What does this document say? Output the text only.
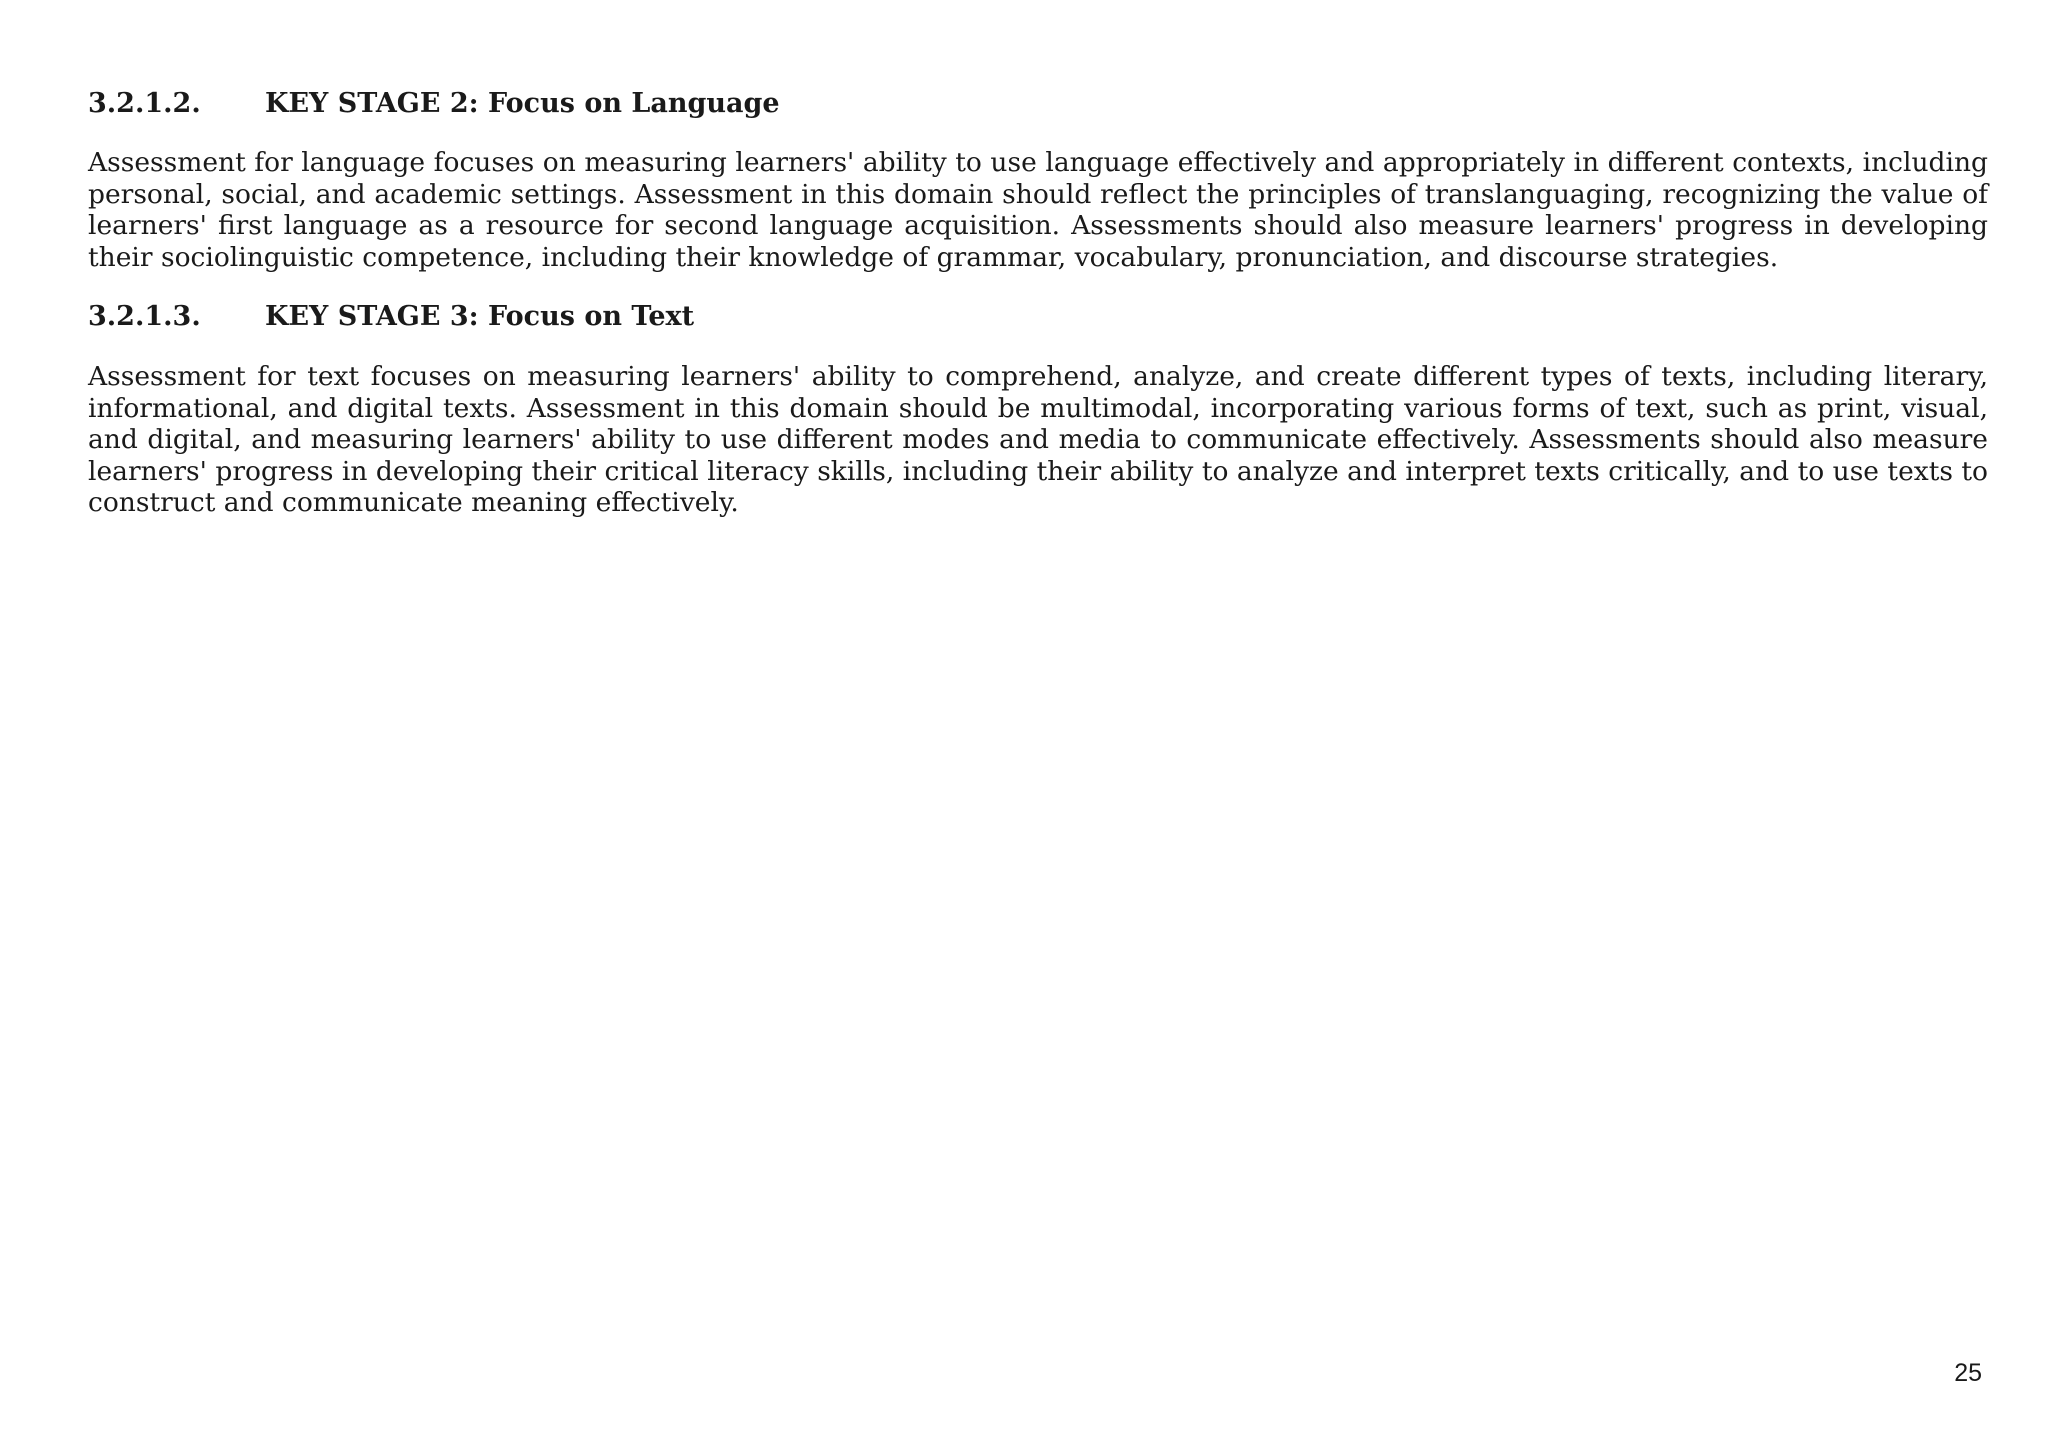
3.2.1.2.	KEY STAGE 2: Focus on Language

Assessment for language focuses on measuring learners' ability to use language effectively and appropriately in different contexts, including personal, social, and academic settings. Assessment in this domain should reflect the principles of translanguaging, recognizing the value of learners' first language as a resource for second language acquisition. Assessments should also measure learners' progress in developing their sociolinguistic competence, including their knowledge of grammar, vocabulary, pronunciation, and discourse strategies.

3.2.1.3.	KEY STAGE 3: Focus on Text

Assessment for text focuses on measuring learners' ability to comprehend, analyze, and create different types of texts, including literary, informational, and digital texts. Assessment in this domain should be multimodal, incorporating various forms of text, such as print, visual, and digital, and measuring learners' ability to use different modes and media to communicate effectively. Assessments should also measure learners' progress in developing their critical literacy skills, including their ability to analyze and interpret texts critically, and to use texts to construct and communicate meaning effectively.

25
